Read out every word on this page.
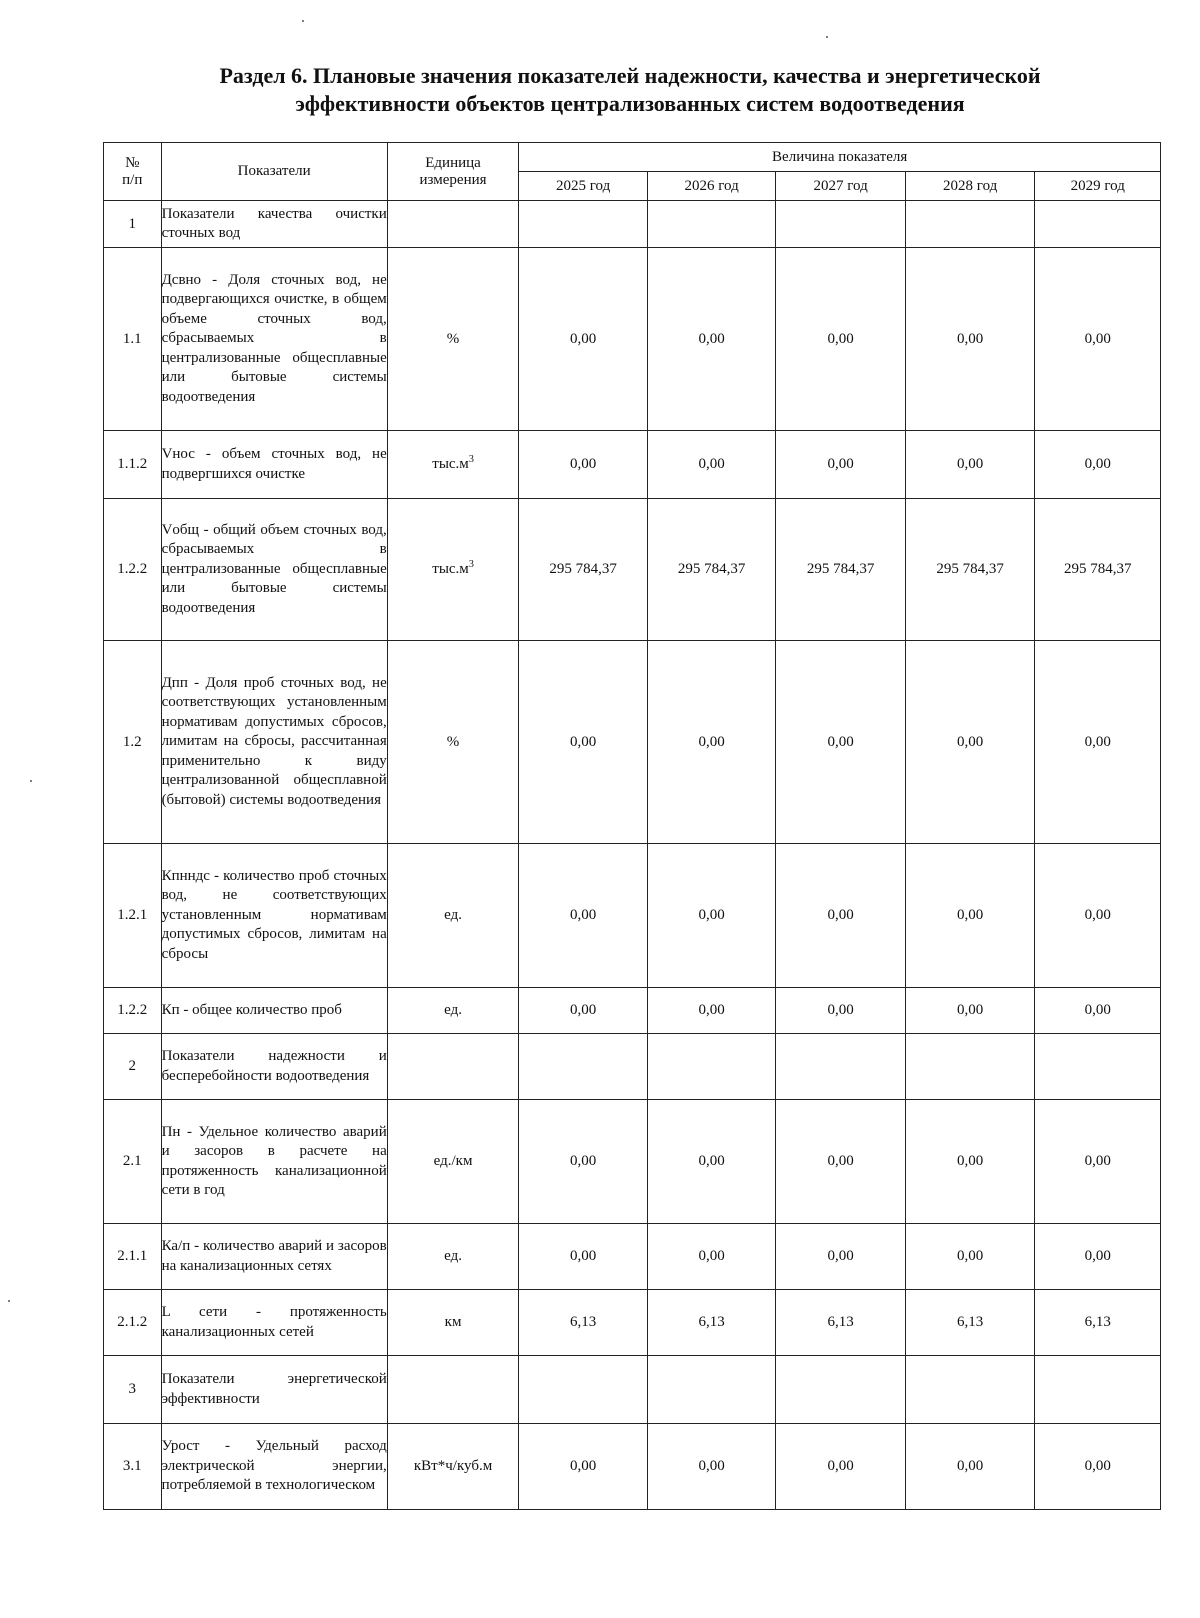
Раздел 6. Плановые значения показателей надежности, качества и энергетической
эффективности объектов централизованных систем водоотведения
№
п/п	Показатели	Единица измерения	Величина показателя				
			2025 год	2026 год	2027 год	2028 год	2029 год
1	Показатели качества очистки сточных вод						
1.1	Дсвно - Доля сточных вод, не подвергающихся очистке, в общем объеме сточных вод, сбрасываемых в централизованные общесплавные или бытовые системы водоотведения	%	0,00	0,00	0,00	0,00	0,00
1.1.2	Vнос - объем сточных вод, не подвергшихся очистке	$тыс.м^3$	0,00	0,00	0,00	0,00	0,00
1.2.2	Vобщ - общий объем сточных вод, сбрасываемых в централизованные общесплавные или бытовые системы водоотведения	$тыс.м^3$	295 784,37	295 784,37	295 784,37	295 784,37	295 784,37
1.2	Дпп - Доля проб сточных вод, не соответствующих установленным нормативам допустимых сбросов, лимитам на сбросы, рассчитанная применительно к виду централизованной общесплавной (бытовой) системы водоотведения	%	0,00	0,00	0,00	0,00	0,00
1.2.1	Кпнндс - количество проб сточных вод, не соответствующих установленным нормативам допустимых сбросов, лимитам на сбросы	ед.	0,00	0,00	0,00	0,00	0,00
1.2.2	Кп - общее количество проб	ед.	0,00	0,00	0,00	0,00	0,00
2	Показатели надежности и бесперебойности водоотведения						
2.1	Пн - Удельное количество аварий и засоров в расчете на протяженность канализационной сети в год	ед./км	0,00	0,00	0,00	0,00	0,00
2.1.1	Ка/п - количество аварий и засоров на канализационных сетях	ед.	0,00	0,00	0,00	0,00	0,00
2.1.2	L сети - протяженность канализационных сетей	км	6,13	6,13	6,13	6,13	6,13
3	Показатели энергетической эффективности						
3.1	Урост - Удельный расход электрической энергии, потребляемой в технологическом	кВт*ч/куб.м	0,00	0,00	0,00	0,00	0,00
